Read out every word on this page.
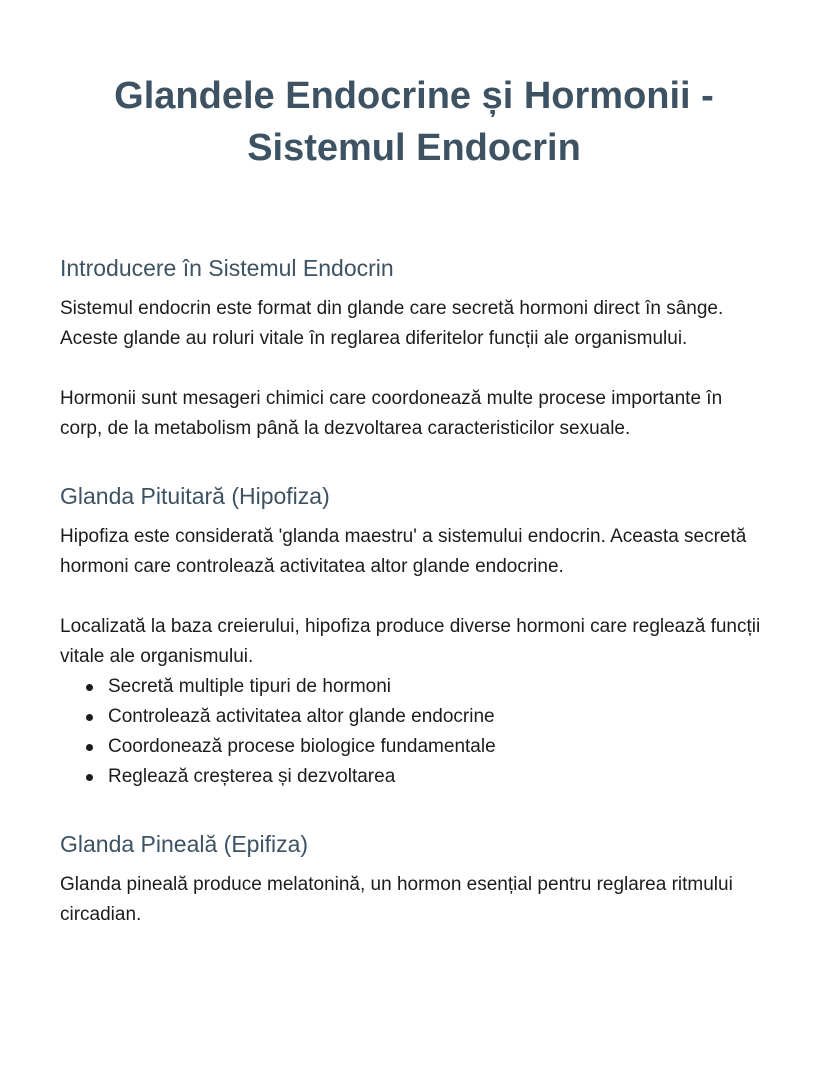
Glandele Endocrine și Hormonii - Sistemul Endocrin
Introducere în Sistemul Endocrin

Sistemul endocrin este format din glande care secretă hormoni direct în sânge. Aceste glande au roluri vitale în reglarea diferitelor funcții ale organismului.

Hormonii sunt mesageri chimici care coordonează multe procese importante în corp, de la metabolism până la dezvoltarea caracteristicilor sexuale.

Glanda Pituitară (Hipofiza)

Hipofiza este considerată 'glanda maestru' a sistemului endocrin. Aceasta secretă hormoni care controlează activitatea altor glande endocrine.

Localizată la baza creierului, hipofiza produce diverse hormoni care reglează funcții vitale ale organismului.

Secretă multiple tipuri de hormoni
Controlează activitatea altor glande endocrine
Coordonează procese biologice fundamentale
Reglează creșterea și dezvoltarea
Glanda Pineală (Epifiza)

Glanda pineală produce melatonină, un hormon esențial pentru reglarea ritmului circadian.
